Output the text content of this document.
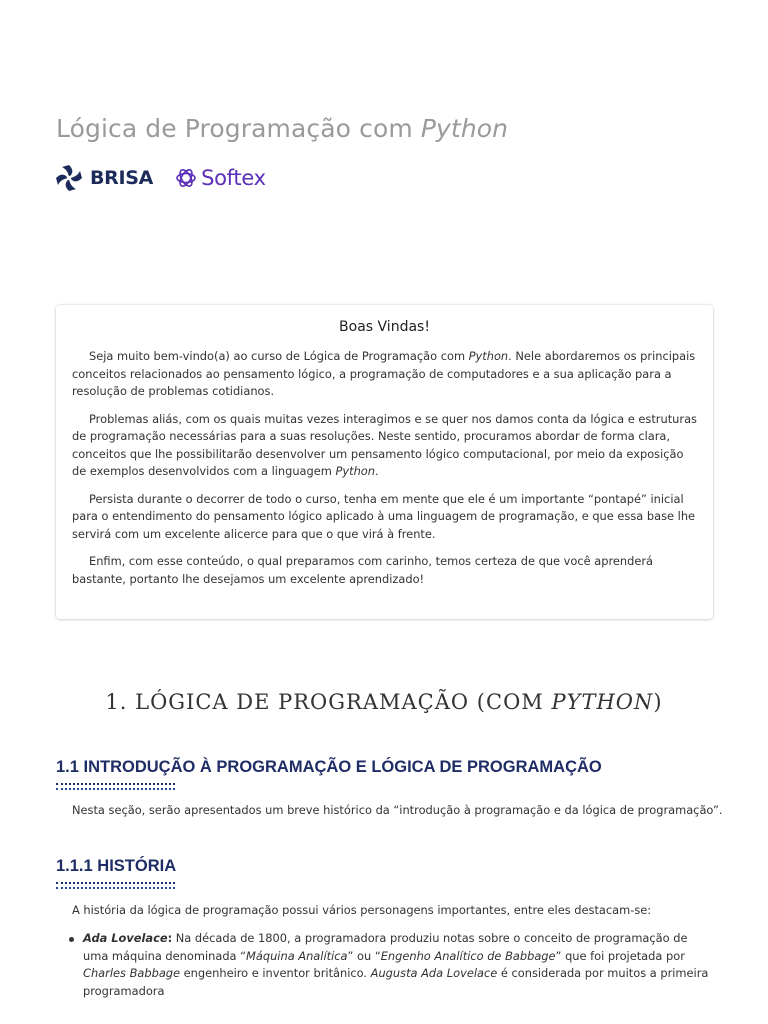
Lógica de Programação com Python
BRISA Softex
Boas Vindas!

Seja muito bem-vindo(a) ao curso de Lógica de Programação com Python. Nele abordaremos os principais conceitos relacionados ao pensamento lógico, a programação de computadores e a sua aplicação para a resolução de problemas cotidianos.

Problemas aliás, com os quais muitas vezes interagimos e se quer nos damos conta da lógica e estruturas de programação necessárias para a suas resoluções. Neste sentido, procuramos abordar de forma clara, conceitos que lhe possibilitarão desenvolver um pensamento lógico computacional, por meio da exposição de exemplos desenvolvidos com a linguagem Python.

Persista durante o decorrer de todo o curso, tenha em mente que ele é um importante “pontapé” inicial para o entendimento do pensamento lógico aplicado à uma linguagem de programação, e que essa base lhe servirá com um excelente alicerce para que o que virá à frente.

Enfim, com esse conteúdo, o qual preparamos com carinho, temos certeza de que você aprenderá bastante, portanto lhe desejamos um excelente aprendizado!

1. LÓGICA DE PROGRAMAÇÃO (COM PYTHON)
1.1 INTRODUÇÃO À PROGRAMAÇÃO E LÓGICA DE PROGRAMAÇÃO

Nesta seção, serão apresentados um breve histórico da “introdução à programação e da lógica de programação”.

1.1.1 HISTÓRIA

A história da lógica de programação possui vários personagens importantes, entre eles destacam-se:

Ada Lovelace: Na década de 1800, a programadora produziu notas sobre o conceito de programação de uma máquina denominada “Máquina Analítica” ou “Engenho Analítico de Babbage” que foi projetada por Charles Babbage engenheiro e inventor britânico. Augusta Ada Lovelace é considerada por muitos a primeira programadora
